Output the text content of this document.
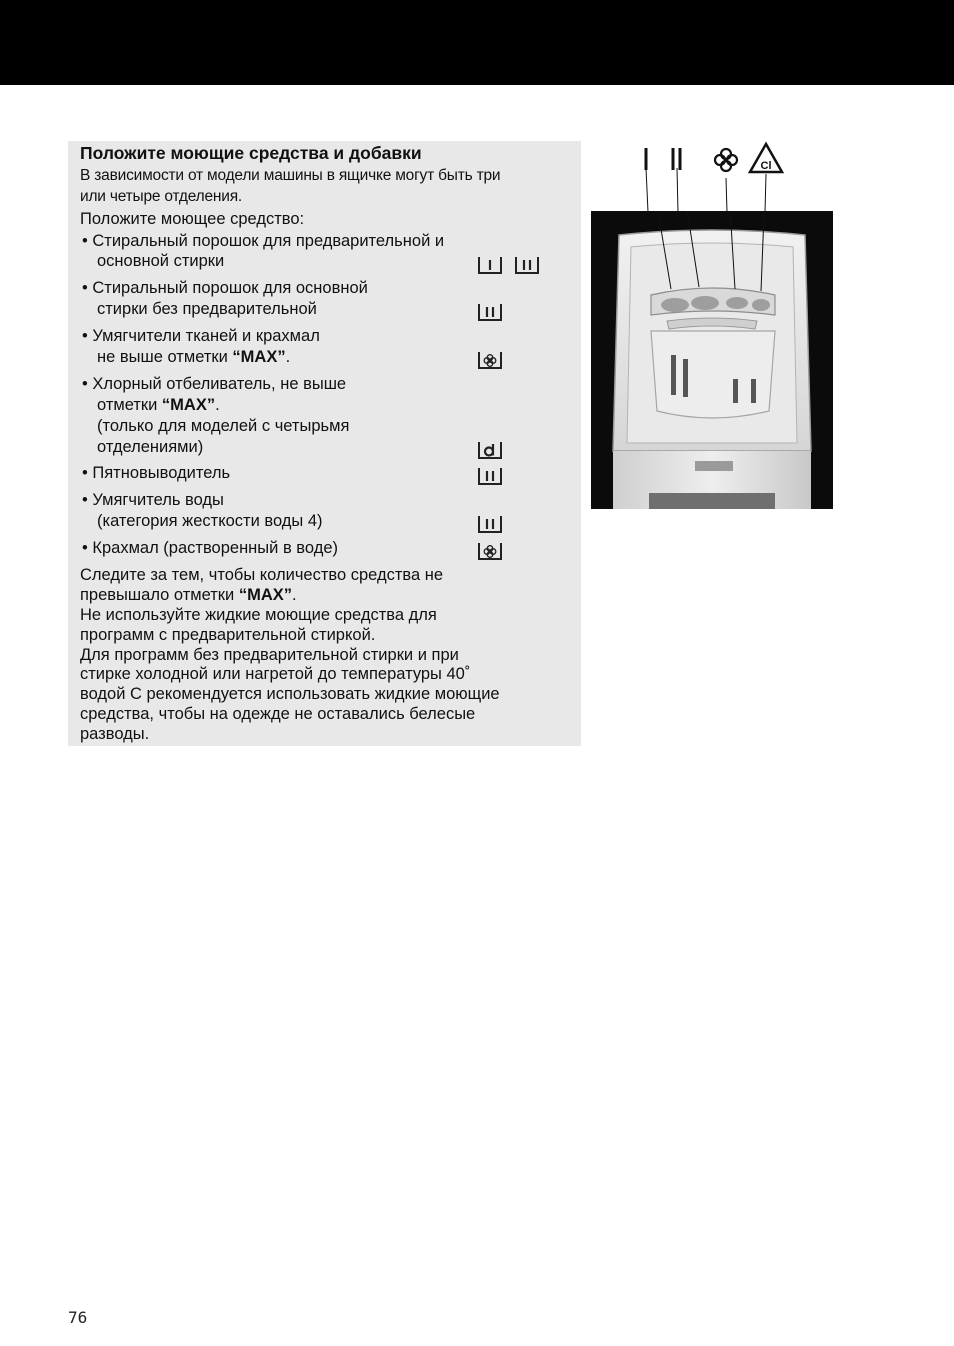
Положите моющие средства и добавки
В зависимости от модели машины в ящичке могут быть три
или четыре отделения.
Положите моющее средство:
• Стиральный порошок для предварительной и
основной стирки
• Стиральный порошок для основной
стирки без предварительной
• Умягчители тканей и крахмал
не выше отметки “MAX”.
• Хлорный отбеливатель, не выше
отметки “MAX”.
(только для моделей с четырьмя
отделениями)
• Пятновыводитель
• Умягчитель воды
(категория жесткости воды 4)
• Крахмал (растворенный в воде)
Следите за тем, чтобы количество средства не
превышало отметки “MAX”.
Не используйте жидкие моющие средства для
программ с предварительной стиркой.
Для программ без предварительной стирки и при
стирке холодной или нагретой до температуры 40˚
водой С рекомендуется использовать жидкие моющие
средства, чтобы на одежде не оставались белесые
разводы.
Cl
76
